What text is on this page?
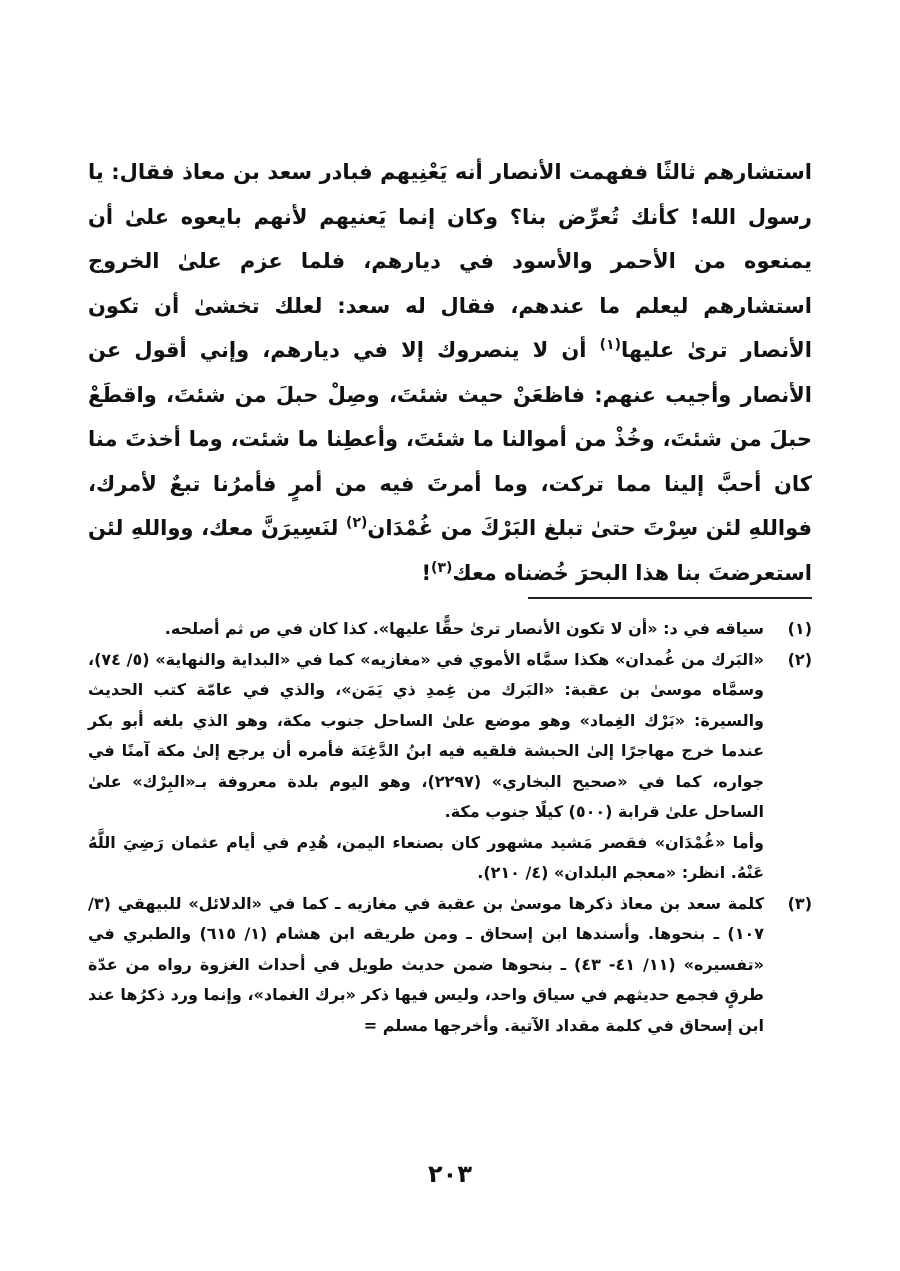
استشارهم ثالثًا ففهمت الأنصار أنه يَعْنِيهم فبادر سعد بن معاذ فقال: يا رسول الله! كأنك تُعرِّض بنا؟ وكان إنما يَعنيهم لأنهم بايعوه علىٰ أن يمنعوه من الأحمر والأسود في ديارهم، فلما عزم علىٰ الخروج استشارهم ليعلم ما عندهم، فقال له سعد: لعلك تخشىٰ أن تكون الأنصار ترىٰ عليها$^{(١)}$ أن لا ينصروك إلا في ديارهم، وإني أقول عن الأنصار وأجيب عنهم: فاظعَنْ حيث شئتَ، وصِلْ حبلَ من شئتَ، واقطَعْ حبلَ من شئتَ، وخُذْ من أموالنا ما شئتَ، وأعطِنا ما شئت، وما أخذتَ منا كان أحبَّ إلينا مما تركت، وما أمرتَ فيه من أمرٍ فأمرُنا تبعٌ لأمرك، فواللهِ لئن سِرْتَ حتىٰ تبلغ البَرْكَ من غُمْدَان$^{(٢)}$ لنَسِيرَنَّ معك، وواللهِ لئن استعرضتَ بنا هذا البحرَ خُضناه معك$^{(٣)}$!

(١)

سياقه في د: «أن لا تكون الأنصار ترىٰ حقًّا عليها». كذا كان في ص ثم أصلحه.

(٢)

«البَرك من غُمدان» هكذا سمَّاه الأموي في «مغازيه» كما في «البداية والنهاية» (٥/ ٧٤)، وسمَّاه موسىٰ بن عقبة: «البَرك من غِمدِ ذي يَمَن»، والذي في عامّة كتب الحديث والسيرة: «بَرْك الغِماد» وهو موضع علىٰ الساحل جنوب مكة، وهو الذي بلغه أبو بكر عندما خرج مهاجرًا إلىٰ الحبشة فلقيه فيه ابنُ الدَّغِنَة فأمره أن يرجع إلىٰ مكة آمنًا في جواره، كما في «صحيح البخاري» (٢٢٩٧)، وهو اليوم بلدة معروفة بـ«البِرْك» علىٰ الساحل علىٰ قرابة (٥٠٠) كيلًا جنوب مكة.

وأما «غُمْدَان» فقصر مَشيد مشهور كان بصنعاء اليمن، هُدِم في أيام عثمان رَضِيَ اللَّهُ عَنْهُ. انظر: «معجم البلدان» (٤/ ٢١٠).

(٣)

كلمة سعد بن معاذ ذكرها موسىٰ بن عقبة في مغازيه ـ كما في «الدلائل» للبيهقي (٣/ ١٠٧) ـ بنحوها. وأسندها ابن إسحاق ـ ومن طريقه ابن هشام (١/ ٦١٥) والطبري في «تفسيره» (١١/ ٤١- ٤٣) ـ بنحوها ضمن حديث طويل في أحداث الغزوة رواه من عدّة طرقٍ فجمع حديثهم في سياق واحد، وليس فيها ذكر «برك الغماد»، وإنما ورد ذكرُها عند ابن إسحاق في كلمة مقداد الآتية. وأخرجها مسلم =

٢٠٣
